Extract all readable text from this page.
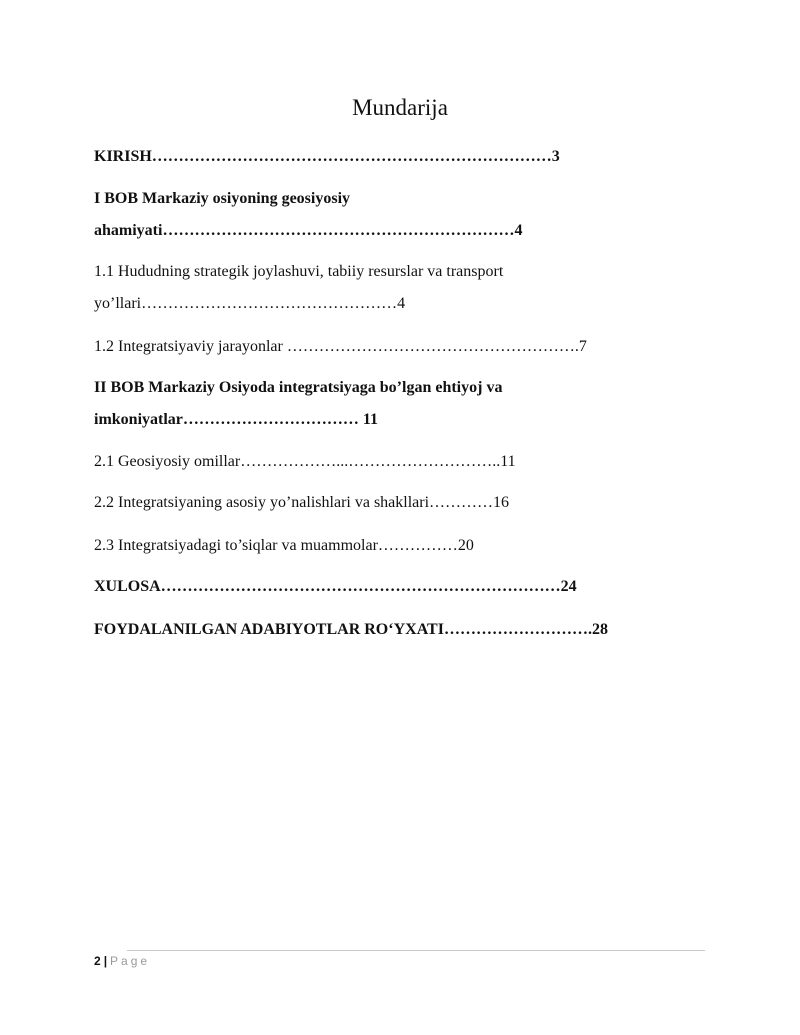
Mundarija
KIRISH…………………………………………………………………3
I BOB Markaziy osiyoning geosiyosiy
ahamiyati…………………………………………………………4
1.1 Hududning strategik joylashuvi, tabiiy resurslar va transport
yo’llari…………………………………………4
1.2 Integratsiyaviy jarayonlar ……………………………………………….7
II BOB Markaziy Osiyoda integratsiyaga bo’lgan ehtiyoj va
imkoniyatlar…………………………… 11
2.1 Geosiyosiy omillar………………...………………………..11
2.2 Integratsiyaning asosiy yo’nalishlari va shakllari…………16
2.3 Integratsiyadagi to’siqlar va muammolar……………20
XULOSA…………………………………………………………………24
FOYDALANILGAN ADABIYOTLAR RO‘YXATI……………………….28
2 | Page
